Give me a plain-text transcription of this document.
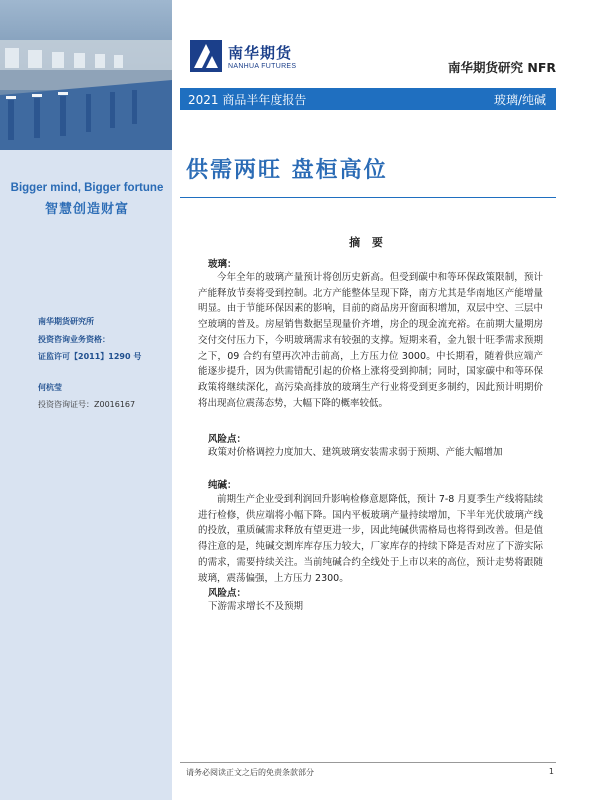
Bigger mind, Bigger fortune
智慧创造财富
南华期货研究所
投资咨询业务资格：
证监许可【2011】1290 号
何杭莹
投资咨询证号：Z0016167
南华期货
NANHUA FUTURES	南华期货研究 NFR
2021 商品半年度报告	玻璃/纯碱
供需两旺 盘桓高位
摘 要
玻璃：
今年全年的玻璃产量预计将创历史新高。但受到碳中和等环保政策限制，预计产能释放节奏将受到控制。北方产能整体呈现下降，南方尤其是华南地区产能增量明显。由于节能环保因素的影响，目前的商品房开窗面积增加，双层中空、三层中空玻璃的普及。房屋销售数据呈现量价齐增，房企的现金流充裕。在前期大量期房交付交付压力下，今明玻璃需求有较强的支撑。短期来看，金九银十旺季需求预期之下，09 合约有望再次冲击前高，上方压力位 3000。中长期看，随着供应端产能逐步提升，因为供需错配引起的价格上涨将受到抑制；同时，国家碳中和等环保政策将继续深化，高污染高排放的玻璃生产行业将受到更多制约，因此预计明期价将出现高位震荡态势，大幅下降的概率较低。
风险点：
政策对价格调控力度加大、建筑玻璃安装需求弱于预期、产能大幅增加
纯碱：
前期生产企业受到利润回升影响检修意愿降低，预计 7-8 月夏季生产线将陆续进行检修，供应端将小幅下降。国内平板玻璃产量持续增加，下半年光伏玻璃产线的投放，重质碱需求释放有望更进一步，因此纯碱供需格局也将得到改善。但是值得注意的是，纯碱交割库库存压力较大，厂家库存的持续下降是否对应了下游实际的需求，需要持续关注。当前纯碱合约全线处于上市以来的高位，预计走势将跟随玻璃，震荡偏强，上方压力 2300。
风险点：
下游需求增长不及预期
请务必阅读正文之后的免责条款部分	1
